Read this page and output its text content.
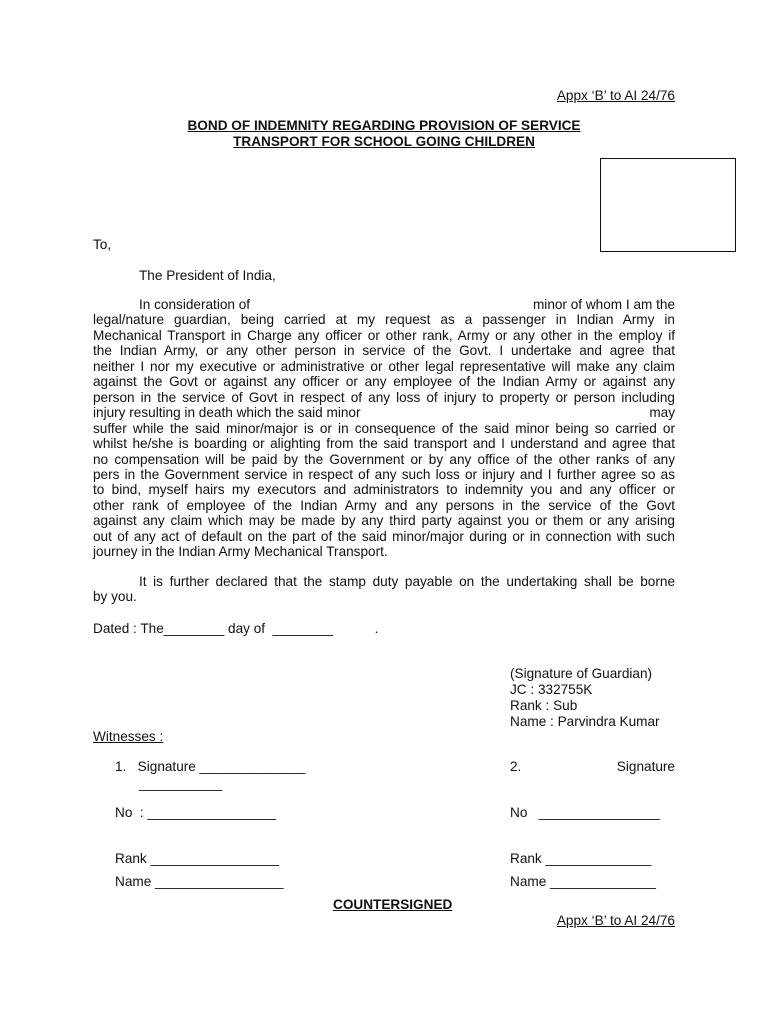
Appx ‘B’ to AI 24/76
BOND OF INDEMNITY REGARDING PROVISION OF SERVICE
TRANSPORT FOR SCHOOL GOING CHILDREN
To,
The President of India,
In consideration of	minor of whom I am the
legal/nature guardian, being carried at my request as a passenger in Indian Army in
Mechanical Transport in Charge any officer or other rank, Army or any other in the employ if
the Indian Army, or any other person in service of the Govt. I undertake and agree that
neither I nor my executive or administrative or other legal representative will make any claim
against the Govt or against any officer or any employee of the Indian Army or against any
person in the service of Govt in respect of any loss of injury to property or person including
injury resulting in death which the said minor	may
suffer while the said minor/major is or in consequence of the said minor being so carried or
whilst he/she is boarding or alighting from the said transport and I understand and agree that
no compensation will be paid by the Government or by any office of the other ranks of any
pers in the Government service in respect of any such loss or injury and I further agree so as
to bind, myself hairs my executors and administrators to indemnity you and any officer or
other rank of employee of the Indian Army and any persons in the service of the Govt
against any claim which may be made by any third party against you or them or any arising
out of any act of default on the part of the said minor/major during or in connection with such
journey in the Indian Army Mechanical Transport.
It is further declared that the stamp duty payable on the undertaking shall be borne
by you.
Dated : The________ day of  ________           .
(Signature of Guardian)
JC : 332755K
Rank : Sub
Name : Parvindra Kumar
Witnesses :
1.   Signature ______________
___________
No  : _________________
Rank _________________
Name _________________
2.	Signature
No   ________________
Rank ______________
Name ______________
COUNTERSIGNED
Appx ‘B’ to AI 24/76
